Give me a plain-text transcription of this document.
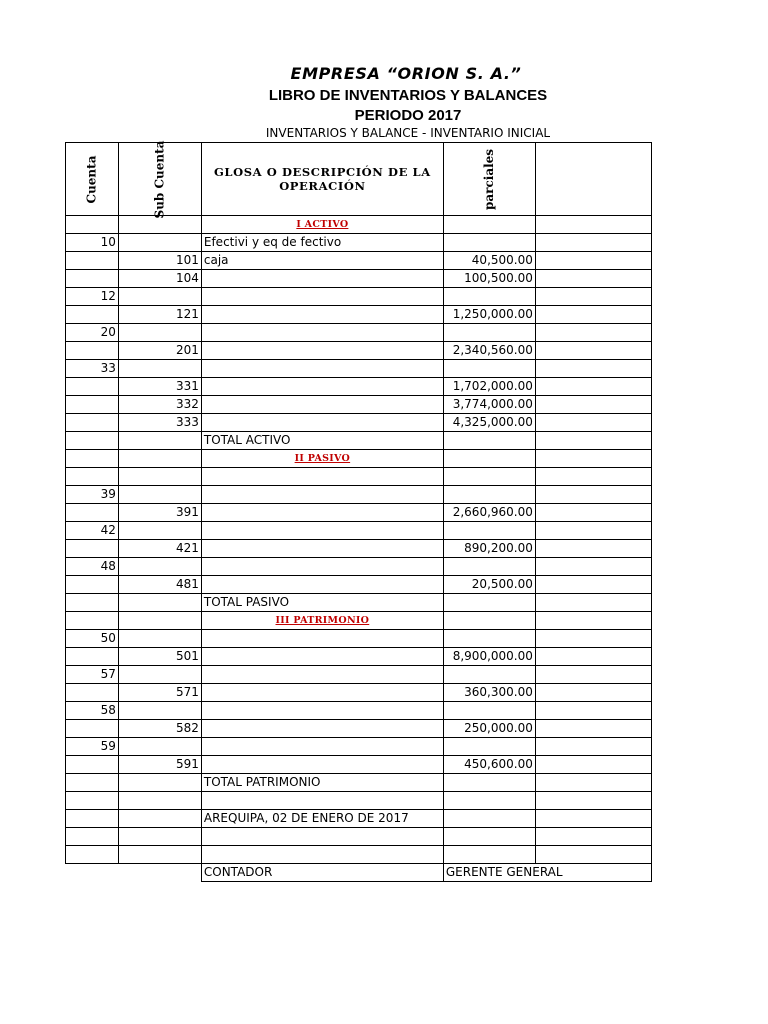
EMPRESA “ORION S. A.”
LIBRO DE INVENTARIOS Y BALANCES
PERIODO 2017
INVENTARIOS Y BALANCE - INVENTARIO INICIAL
Cuenta	Sub Cuenta	GLOSA O DESCRIPCIÓN DE LA OPERACIÓN	parciales	
		I ACTIVO		
10		Efectivi y eq de fectivo		
	101	caja	40,500.00	
	104		100,500.00	
12				
	121		1,250,000.00	
20				
	201		2,340,560.00	
33				
	331		1,702,000.00	
	332		3,774,000.00	
	333		4,325,000.00	
		TOTAL ACTIVO		
		II PASIVO		

39				
	391		2,660,960.00	
42				
	421		890,200.00	
48				
	481		20,500.00	
		TOTAL PASIVO		
		III PATRIMONIO		
50				
	501		8,900,000.00	
57				
	571		360,300.00	
58				
	582		250,000.00	
59				
	591		450,600.00	
		TOTAL PATRIMONIO		

		AREQUIPA, 02 DE ENERO DE 2017		

		CONTADOR	GERENTE GENERAL	
